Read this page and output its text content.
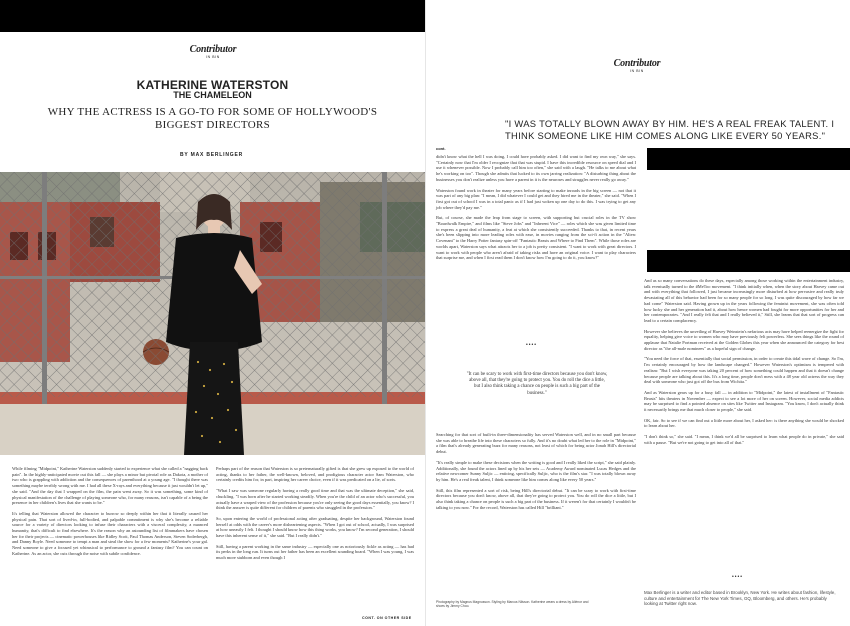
Contributor
IN BIN
KATHERINE WATERSTON
THE CHAMELEON
WHY THE ACTRESS IS A GO-TO FOR SOME OF HOLLYWOOD'S BIGGEST DIRECTORS
BY MAX BERLINGER

While filming "Midpoint," Katherine Waterston suddenly started to experience what she called a "nagging back pain". In the highly-anticipated movie out this fall — she plays a minor but pivotal role as Dakota, a mother of two who is grappling with addiction and the consequences of parenthood at a young age. "I thought there was something maybe terribly wrong with me. I had all these X-rays and everything because it just wouldn't let up," she said. "And the day that I wrapped on the film, the pain went away. So it was something, some kind of physical manifestation of the challenge of playing someone who, for many reasons, isn't capable of a being the presence in her children's lives that she wants to be."

It's telling that Waterston allowed the character to burrow so deeply within her that it literally caused her physical pain. That sort of lived-in, full-bodied, and palpable commitment is why she's become a reliable source for a variety of directors looking to infuse their characters with a visceral complexity, a nuanced humanity, that's difficult to find elsewhere. It's the reason why an astounding list of filmmakers have chosen her for their projects — cinematic powerhouses like Ridley Scott, Paul Thomas Anderson, Steven Soderbergh, and Danny Boyle. Need someone to tempt a man and steal the show for a few moments? Katherine's your gal. Need someone to give a focused yet whimsical to performance to ground a fantasy film? You can count on Katherine. As an actor, she cuts through the noise with subtle confidence.

Perhaps part of the reason that Waterston is so preternaturally gifted is that she grew up exposed to the world of acting, thanks to her father, the well-known, beloved, and prodigious character actor Sam Waterston, who certainly credits him for, in part, inspiring her career choice, even if it was predicated on a lie, of sorts.

"What I saw was someone regularly having a really good time and that was the ultimate deception," she said, chuckling. "I was born after he started working steadily. When you're the child of an actor who's successful, you actually have a warped view of the profession because you're only seeing the good days essentially, you know? I think the answer is quite different for children of parents who struggled in the profession."

So, upon entering the world of professional acting after graduating, despite her background, Waterston found herself at odds with the career's more disheartening aspects. "When I got out of school, actually, I was surprised at how uneasily I felt. I thought I should know how this thing works, you know? I'm second generation, I should have this inherent sense of it," she said. "But I really didn't."

Still, having a parent working in the same industry — especially one as notoriously fickle as acting — has had its perks in the long run. It turns out her father has been an excellent sounding board. "When I was young, I was much more stubborn and even though I

CONT. ON OTHER SIDE
Contributor
IN BIN
"I WAS TOTALLY BLOWN AWAY BY HIM. HE'S A REAL FREAK TALENT. I THINK SOMEONE LIKE HIM COMES ALONG LIKE EVERY 50 YEARS."
cont.

didn't know what the hell I was doing, I could have probably asked. I did want to find my own way," she says. "Certainly now that I'm older I recognize that that was stupid. I have this incredible resource on speed dial and I use it whenever possible. Now I probably call him too often," she said with a laugh. "He talks to me about what he's working on too". Though she admits that lucked to its own jarring realization: "A disturbing thing about the businesses you don't realize unless you have a parent in it is the neuroses and struggles never really go away."

Waterston found work in theater for many years before starting to make inroads in the big screen — not that it was part of any big plan: "I mean, I did whatever I could get and they hired me in the theater," she said. "When I first got out of school I was in a total panic as if I had just woken up one day to do this. I was trying to get any job where they'd pay me."

But, of course, she made the leap from stage to screen, with supporting but crucial roles in the TV show "Boardwalk Empire," and films like "Steve Jobs" and "Inherent Vice" — roles which she was given limited time to express a great deal of humanity, a feat at which she consistently succeeded. Thanks to that, in recent years she's been slipping into more leading roles with ease, in movies ranging from the sci-fi action in the "Alien: Covenant" to the Harry Potter fantasy spin-off "Fantastic Beasts and Where to Find Them". While those roles are worlds apart, Waterston says what attracts her to a job is pretty consistent. "I want to work with great directors. I want to work with people who aren't afraid of taking risks and have an original voice. I want to play characters that surprise me, and when I first read them I don't know how I'm going to do it, you know?"

••••
"It can be scary to work with first-time directors because you don't know, above all, that they're going to protect you. You do roll the dice a little, but I also think taking a chance on people is such a big part of the business."

Searching for that sort of built-in three-dimensionality has served Waterston well, and in no small part because she was able to breathe life into these characters so fully. And it's no doubt what led her to the role in "Midpoint," a film that's already generating buzz for many reasons, not least of which for being actor Jonah Hill's directorial debut.

"It's really simple to make these decisions when the writing is good and I really liked the script," she said plainly. Additionally, she found the actors lined up by his her sets — Academy Award nominated Lucas Hedges and the relative newcomer Sunny Suljic — enticing, specifically Suljic, who is the film's star. "I was totally blown away by him. He's a real freak talent, I think someone like him comes along like every 50 years."

Still, this film represented a sort of risk, being Hill's directorial debut. "It can be scary to work with first-time directors because you don't know, above all, that they're going to protect you. You do roll the dice a little, but I also think taking a chance on people is such a big part of the business. If it weren't for that certainly I wouldn't be talking to you now." For the record, Waterston has called Hill "brilliant."

Photography by Magnus Magnusson. Styling by Marcus Nilsson. Katherine wears a dress by Aliénor and shoes by Jimmy Choo.

And as so many conversations do these days, especially among those working within the entertainment industry, talk eventually turned to the #MeToo movement. "I think initially when, when the story about Harvey came out and with everything that followed, I just became increasingly more disturbed at how pervasive and really truly devastating all of this behavior had been for so many people for so long. I was quite discouraged by how far we had come" Waterston said. Having grown up in the years following the feminist movement, she was often told how lucky she and her generation had it, about how hence women had fought for more opportunities for her and her contemporaries. "And I really felt that and I really believed it," Still, she learns that that sort of progress can lead to a certain complacency.

However she believes the unveiling of Harvey Weinstein's nefarious acts may have helped reenergize the fight for equality, helping give voice to women who may have previously felt powerless. She sees things like the round of applause that Natalie Portman received at the Golden Globes this year when she announced the category for best director as "the all-male nominees" as a hopeful sign of change.

"You need the force of that, essentially that social permission, in order to create this tidal wave of change. So I'm, I'm certainly encouraged by how the landscape changed." However Waterston's optimism is tempered with realism: "But I wish everyone was taking 20 percent of how something could happen and that it doesn't change because people are talking about this. It's a long time, people don't mess with a 48 year old actress the way they deal with someone who just got off the bus from Wichita."

And as Waterston gears up for a busy fall — in addition to "Midpoint," the latest of installment of "Fantastic Beasts" hits theaters in November — expect to see a lot more of her on screen. However, social media addicts may be surprised to find a pointed absence on sites like Twitter and Instagram. "You know, I don't actually think it necessarily brings me that much closer to people," she said.

OK, fair. So to see if we can find out a little more about her, I asked her: is there anything she would be shocked to learn about her.

"I don't think so," she said. "I mean, I think we'd all be surprised to learn what people do in private," she said with a pause. "But we're not going to get into all of that."

••••
Max Berlinger is a writer and editor based in Brooklyn, New York. He writes about fashion, lifestyle, culture and entertainment for The New York Times, GQ, Bloomberg, and others. He's probably looking at Twitter right now.
